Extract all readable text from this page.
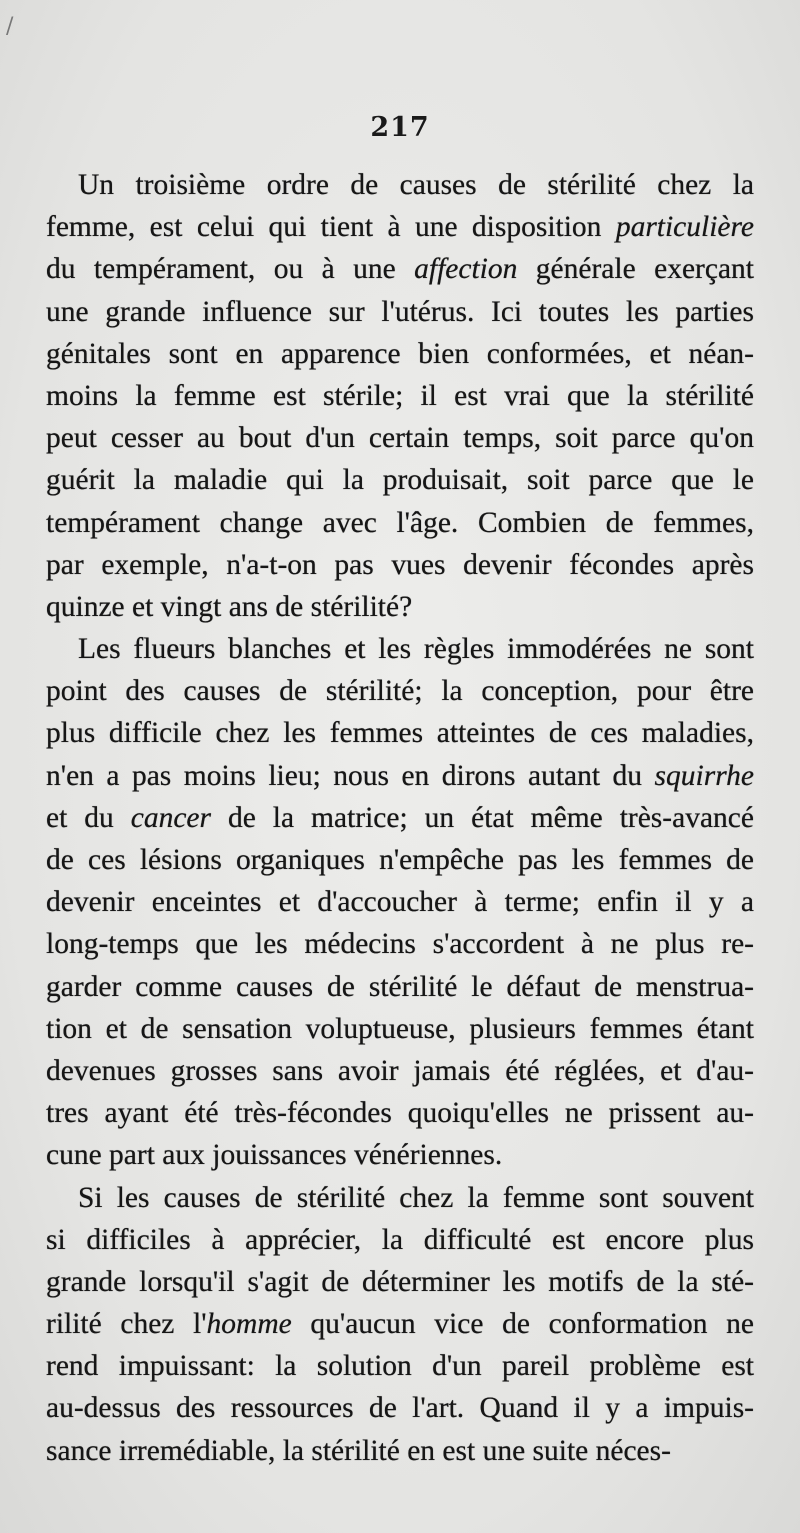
/
217
Un troisième ordre de causes de stérilité chez la
femme, est celui qui tient à une disposition particulière
du tempérament, ou à une affection générale exerçant
une grande influence sur l'utérus. Ici toutes les parties
génitales sont en apparence bien conformées, et néan-
moins la femme est stérile; il est vrai que la stérilité
peut cesser au bout d'un certain temps, soit parce qu'on
guérit la maladie qui la produisait, soit parce que le
tempérament change avec l'âge. Combien de femmes,
par exemple, n'a-t-on pas vues devenir fécondes après
quinze et vingt ans de stérilité?
Les flueurs blanches et les règles immodérées ne sont
point des causes de stérilité; la conception, pour être
plus difficile chez les femmes atteintes de ces maladies,
n'en a pas moins lieu; nous en dirons autant du squirrhe
et du cancer de la matrice; un état même très-avancé
de ces lésions organiques n'empêche pas les femmes de
devenir enceintes et d'accoucher à terme; enfin il y a
long-temps que les médecins s'accordent à ne plus re-
garder comme causes de stérilité le défaut de menstrua-
tion et de sensation voluptueuse, plusieurs femmes étant
devenues grosses sans avoir jamais été réglées, et d'au-
tres ayant été très-fécondes quoiqu'elles ne prissent au-
cune part aux jouissances vénériennes.
Si les causes de stérilité chez la femme sont souvent
si difficiles à apprécier, la difficulté est encore plus
grande lorsqu'il s'agit de déterminer les motifs de la sté-
rilité chez l'homme qu'aucun vice de conformation ne
rend impuissant: la solution d'un pareil problème est
au-dessus des ressources de l'art. Quand il y a impuis-
sance irremédiable, la stérilité en est une suite néces-
